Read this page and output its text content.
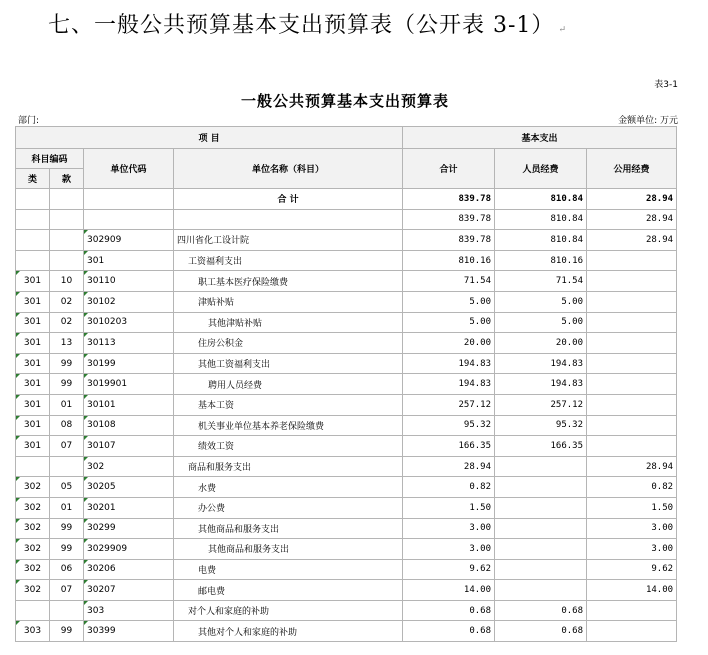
七、一般公共预算基本支出预算表（公开表 3-1） ↵
表3-1
一般公共预算基本支出预算表
部门:	金额单位: 万元
项 目				基本支出		
科目编码		单位代码	单位名称（科目）	合计	人员经费	公用经费
类	款					
			合 计	839.78	810.84	28.94
				839.78	810.84	28.94
		302909	四川省化工设计院	839.78	810.84	28.94
		301	工资福利支出	810.16	810.16	
301	10	30110	职工基本医疗保险缴费	71.54	71.54	
301	02	30102	津贴补贴	5.00	5.00	
301	02	3010203	其他津贴补贴	5.00	5.00	
301	13	30113	住房公积金	20.00	20.00	
301	99	30199	其他工资福利支出	194.83	194.83	
301	99	3019901	聘用人员经费	194.83	194.83	
301	01	30101	基本工资	257.12	257.12	
301	08	30108	机关事业单位基本养老保险缴费	95.32	95.32	
301	07	30107	绩效工资	166.35	166.35	
		302	商品和服务支出	28.94		28.94
302	05	30205	水费	0.82		0.82
302	01	30201	办公费	1.50		1.50
302	99	30299	其他商品和服务支出	3.00		3.00
302	99	3029909	其他商品和服务支出	3.00		3.00
302	06	30206	电费	9.62		9.62
302	07	30207	邮电费	14.00		14.00
		303	对个人和家庭的补助	0.68	0.68	
303	99	30399	其他对个人和家庭的补助	0.68	0.68	
